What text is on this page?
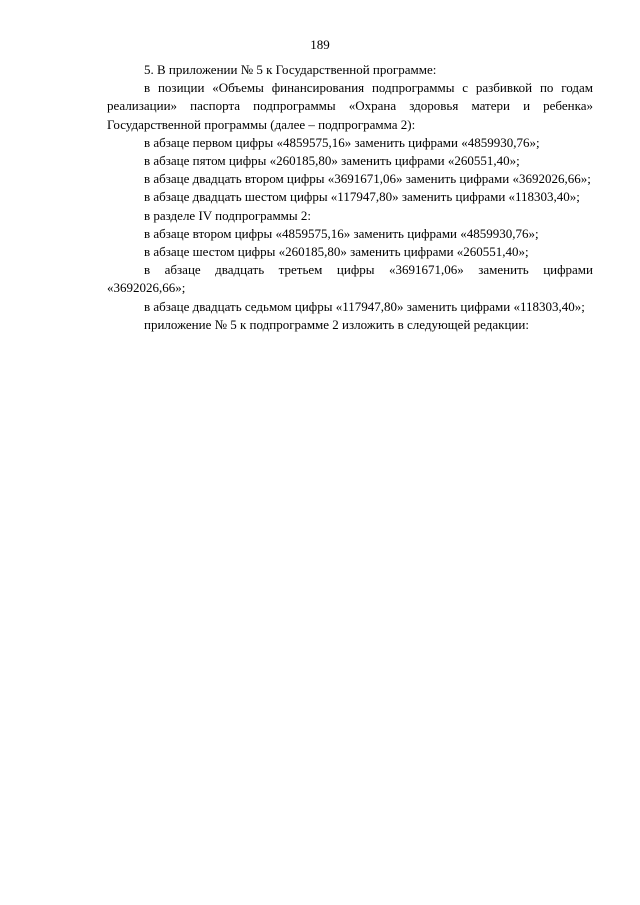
189

5. В приложении № 5 к Государственной программе:

в позиции «Объемы финансирования подпрограммы с разбивкой по годам реализации» паспорта подпрограммы «Охрана здоровья матери и ребенка» Государственной программы (далее – подпрограмма 2):

в абзаце первом цифры «4859575,16» заменить цифрами «4859930,76»;

в абзаце пятом цифры «260185,80» заменить цифрами «260551,40»;

в абзаце двадцать втором цифры «3691671,06» заменить цифрами «3692026,66»;

в абзаце двадцать шестом цифры «117947,80» заменить цифрами «118303,40»;

в разделе IV подпрограммы 2:

в абзаце втором цифры «4859575,16» заменить цифрами «4859930,76»;

в абзаце шестом цифры «260185,80» заменить цифрами «260551,40»;

в абзаце двадцать третьем цифры «3691671,06» заменить цифрами «3692026,66»;

в абзаце двадцать седьмом цифры «117947,80» заменить цифрами «118303,40»;

приложение № 5 к подпрограмме 2 изложить в следующей редакции:
